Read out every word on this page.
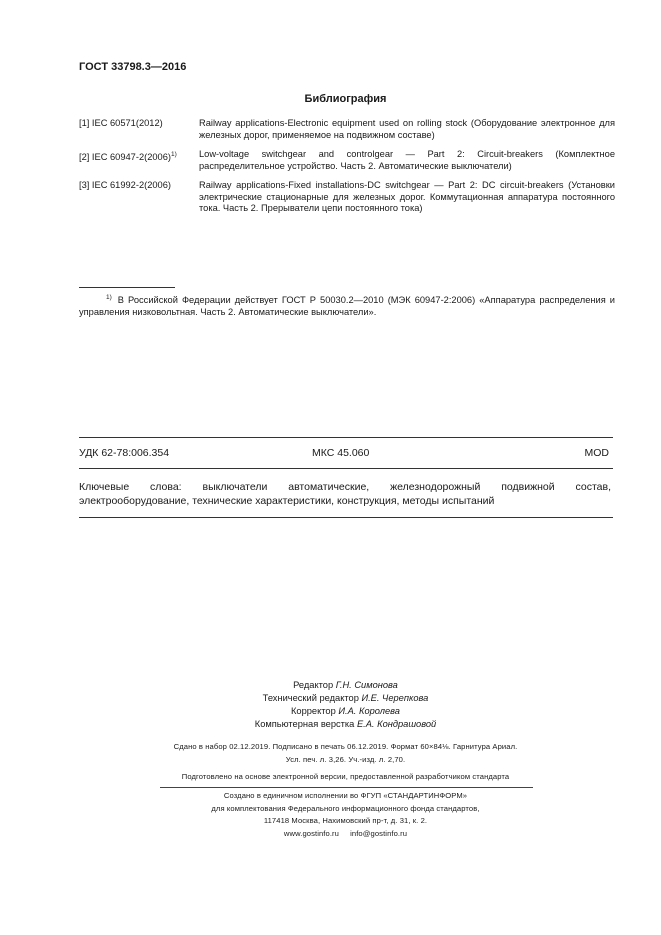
ГОСТ 33798.3—2016
Библиография
[1] IEC 60571(2012)	Railway applications-Electronic equipment used on rolling stock (Оборудование электронное для железных дорог, применяемое на подвижном составе)
[2] IEC $60947-2(2006)^{1)}$	Low-voltage switchgear and controlgear — Part 2: Circuit-breakers (Комплектное распределительное устройство. Часть 2. Автоматические выключатели)
[3] IEC 61992-2(2006)	Railway applications-Fixed installations-DC switchgear — Part 2: DC circuit-breakers (Установки электрические стационарные для железных дорог. Коммутационная аппаратура постоянного тока. Часть 2. Прерыватели цепи постоянного тока)
$^{1)}$ В Российской Федерации действует ГОСТ Р 50030.2—2010 (МЭК 60947-2:2006) «Аппаратура распределения и управления низковольтная. Часть 2. Автоматические выключатели».
УДК 62-78:006.354	МКС 45.060	MOD
Ключевые слова: выключатели автоматические, железнодорожный подвижной состав, электрооборудование, технические характеристики, конструкция, методы испытаний
Редактор Г.Н. Симонова
Технический редактор И.Е. Черепкова
Корректор И.А. Королева
Компьютерная верстка Е.А. Кондрашовой
Сдано в набор 02.12.2019. Подписано в печать 06.12.2019. Формат 60×84⅛. Гарнитура Ариал.
Усл. печ. л. 3,26. Уч.-изд. л. 2,70.
Подготовлено на основе электронной версии, предоставленной разработчиком стандарта
Создано в единичном исполнении во ФГУП «СТАНДАРТИНФОРМ»
для комплектования Федерального информационного фонда стандартов,
117418 Москва, Нахимовский пр-т, д. 31, к. 2.
www.gostinfo.ru info@gostinfo.ru
